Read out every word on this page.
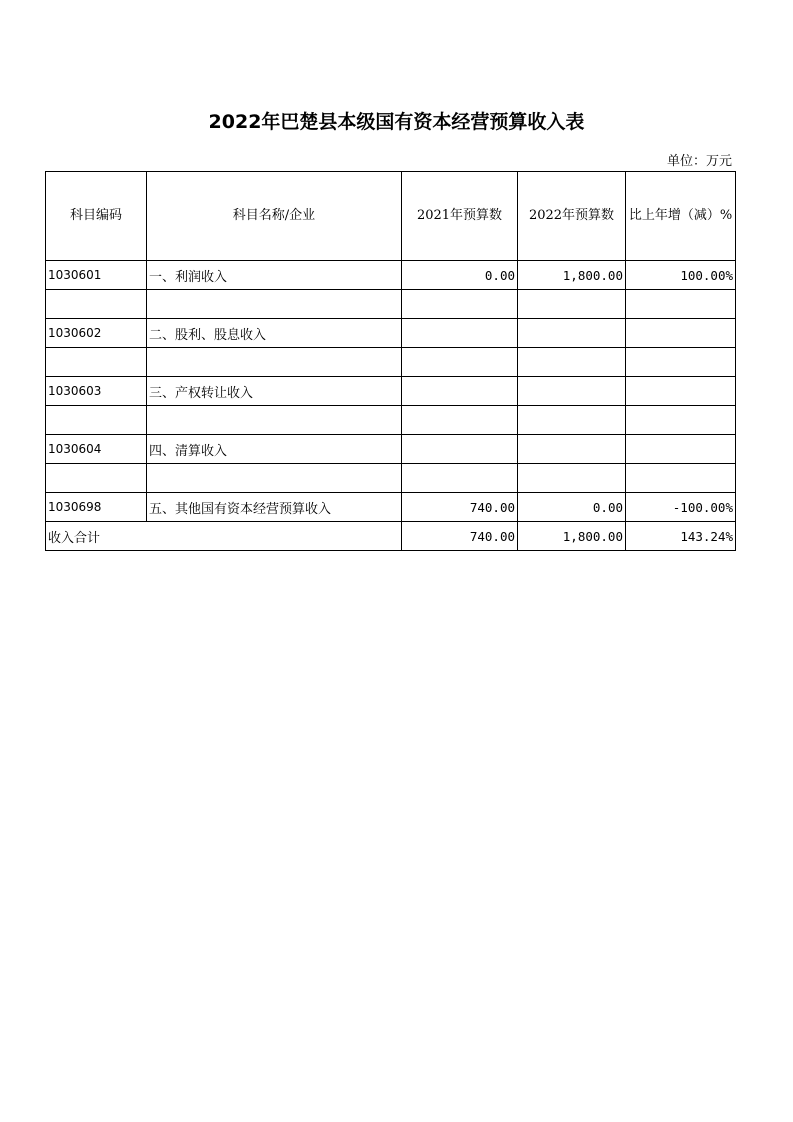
2022年巴楚县本级国有资本经营预算收入表
单位：万元
科目编码	科目名称/企业	2021年预算数	2022年预算数	比上年增（减）%
1030601	一、利润收入	0.00	1,800.00	100.00%

1030602	二、股利、股息收入			

1030603	三、产权转让收入			

1030604	四、清算收入			

1030698	五、其他国有资本经营预算收入	740.00	0.00	-100.00%
收入合计		740.00	1,800.00	143.24%
